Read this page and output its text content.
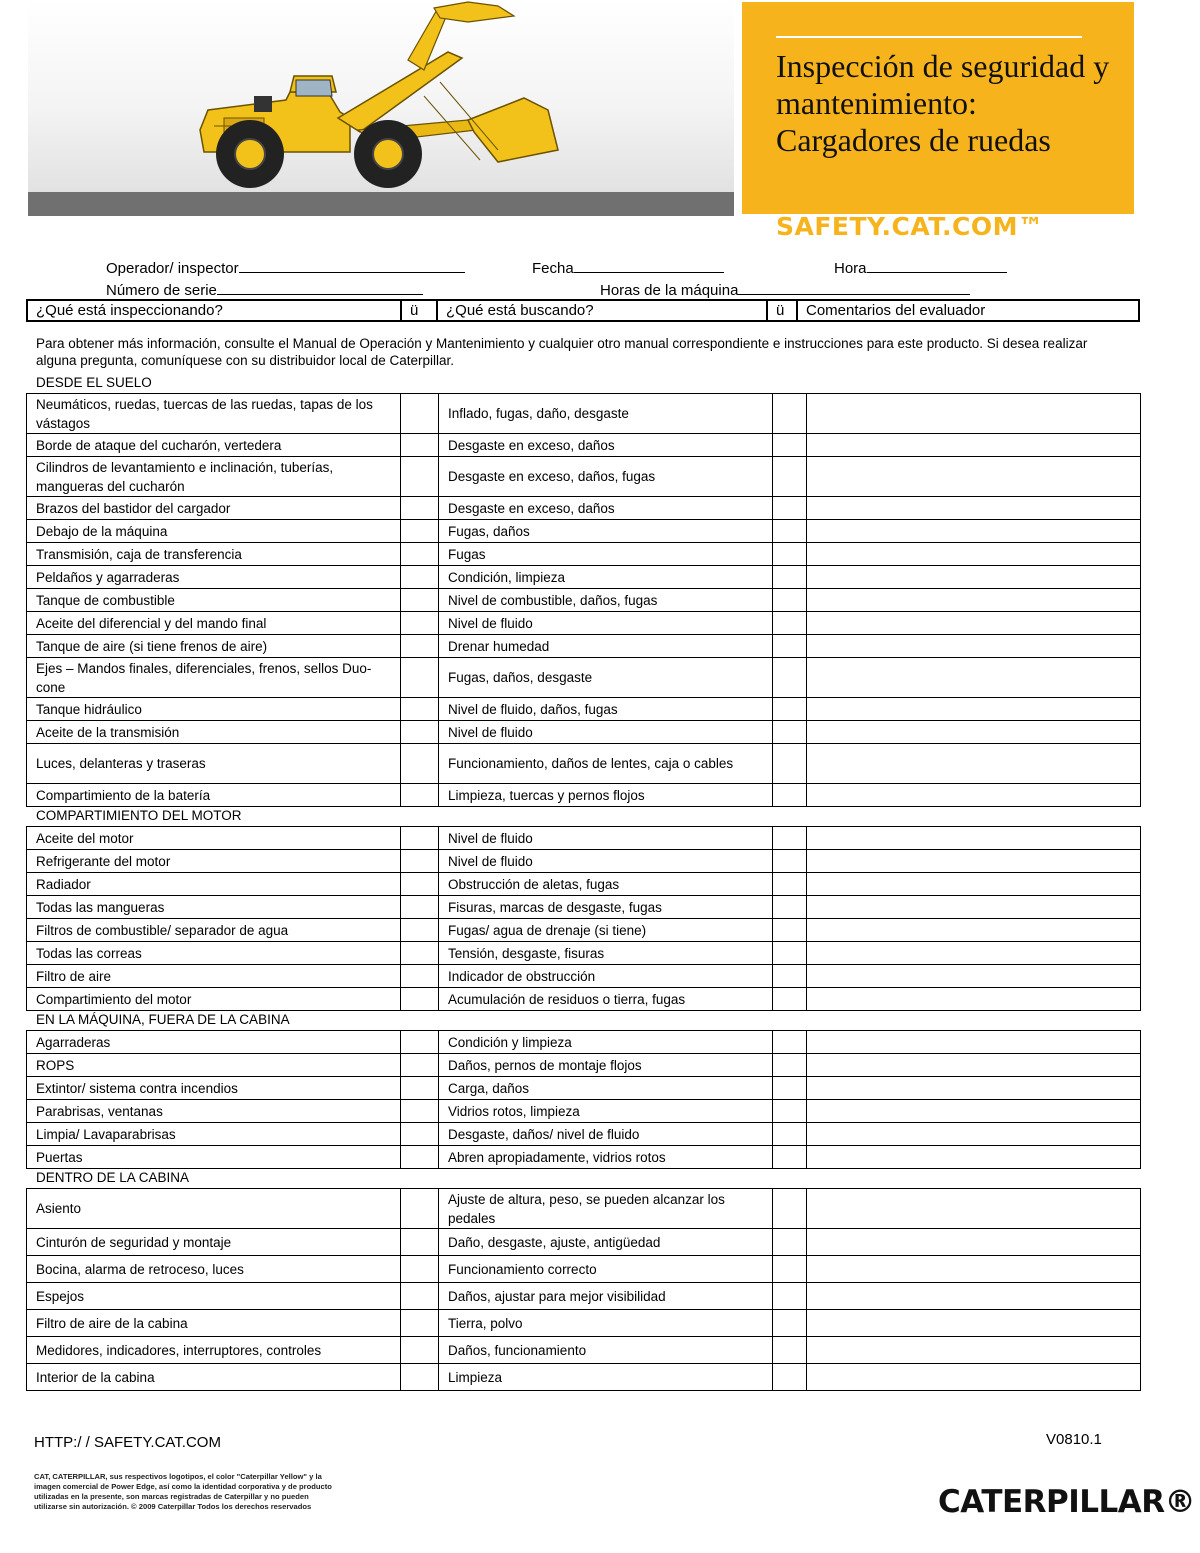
Inspección de seguridad y mantenimiento: Cargadores de ruedas
SAFETY.CAT.COM™
Operador/ inspector	Fecha	Hora
Número de serie	Horas de la máquina
¿Qué está inspeccionando?	ü	¿Qué está buscando?	ü	Comentarios del evaluador
Para obtener más información, consulte el Manual de Operación y Mantenimiento y cualquier otro manual correspondiente e instrucciones para este producto. Si desea realizar alguna pregunta, comuníquese con su distribuidor local de Caterpillar.
DESDE EL SUELO
Neumáticos, ruedas, tuercas de las ruedas, tapas de los vástagos		Inflado, fugas, daño, desgaste		
Borde de ataque del cucharón, vertedera		Desgaste en exceso, daños		
Cilindros de levantamiento e inclinación, tuberías, mangueras del cucharón		Desgaste en exceso, daños, fugas		
Brazos del bastidor del cargador		Desgaste en exceso, daños		
Debajo de la máquina		Fugas, daños		
Transmisión, caja de transferencia		Fugas		
Peldaños y agarraderas		Condición, limpieza		
Tanque de combustible		Nivel de combustible, daños, fugas		
Aceite del diferencial y del mando final		Nivel de fluido		
Tanque de aire (si tiene frenos de aire)		Drenar humedad		
Ejes – Mandos finales, diferenciales, frenos, sellos Duo-cone		Fugas, daños, desgaste		
Tanque hidráulico		Nivel de fluido, daños, fugas		
Aceite de la transmisión		Nivel de fluido		
Luces, delanteras y traseras		Funcionamiento, daños de lentes, caja o cables		
Compartimiento de la batería		Limpieza, tuercas y pernos flojos		
COMPARTIMIENTO DEL MOTOR
Aceite del motor		Nivel de fluido		
Refrigerante del motor		Nivel de fluido		
Radiador		Obstrucción de aletas, fugas		
Todas las mangueras		Fisuras, marcas de desgaste, fugas		
Filtros de combustible/ separador de agua		Fugas/ agua de drenaje (si tiene)		
Todas las correas		Tensión, desgaste, fisuras		
Filtro de aire		Indicador de obstrucción		
Compartimiento del motor		Acumulación de residuos o tierra, fugas		
EN LA MÁQUINA, FUERA DE LA CABINA
Agarraderas		Condición y limpieza		
ROPS		Daños, pernos de montaje flojos		
Extintor/ sistema contra incendios		Carga, daños		
Parabrisas, ventanas		Vidrios rotos, limpieza		
Limpia/ Lavaparabrisas		Desgaste, daños/ nivel de fluido		
Puertas		Abren apropiadamente, vidrios rotos		
DENTRO DE LA CABINA
Asiento		Ajuste de altura, peso, se pueden alcanzar los pedales		
Cinturón de seguridad y montaje		Daño, desgaste, ajuste, antigüedad		
Bocina, alarma de retroceso, luces		Funcionamiento correcto		
Espejos		Daños, ajustar para mejor visibilidad		
Filtro de aire de la cabina		Tierra, polvo		
Medidores, indicadores, interruptores, controles		Daños, funcionamiento		
Interior de la cabina		Limpieza		
HTTP:/ / SAFETY.CAT.COM	V0810.1
CAT, CATERPILLAR, sus respectivos logotipos, el color "Caterpillar Yellow" y la imagen comercial de Power Edge, así como la identidad corporativa y de producto utilizadas en la presente, son marcas registradas de Caterpillar y no pueden utilizarse sin autorización. © 2009 Caterpillar Todos los derechos reservados	CATERPILLAR®
